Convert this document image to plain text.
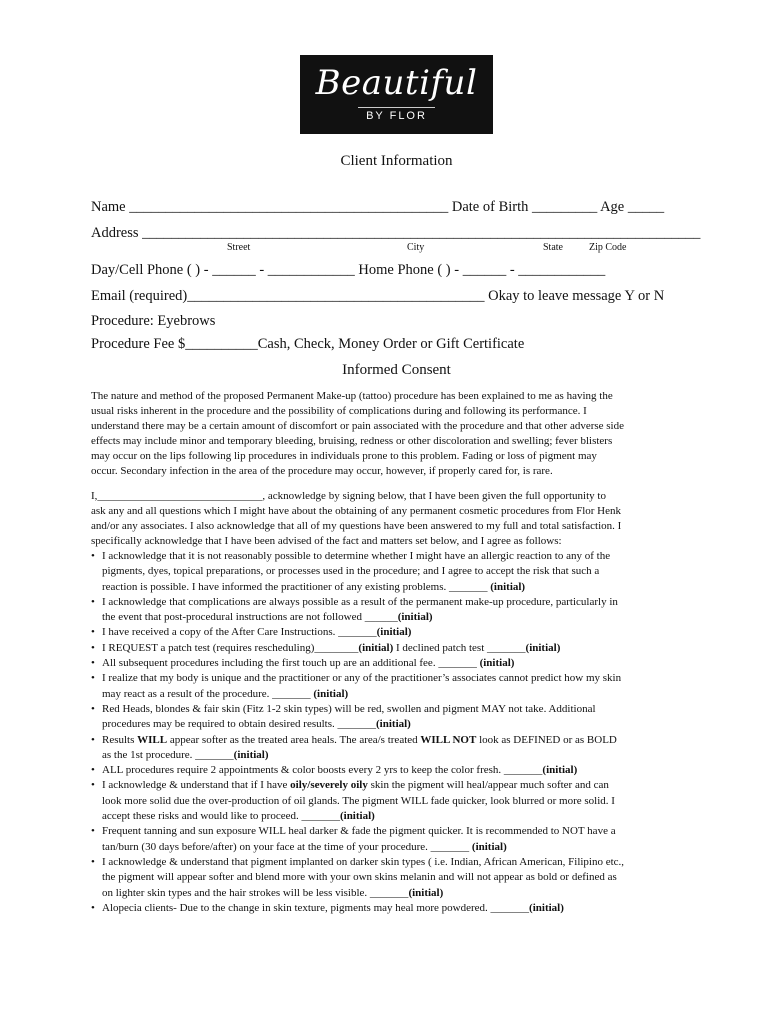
Beautiful
BY FLOR
Client Information
Name ____________________________________________ Date of Birth _________ Age _____
Address _____________________________________________________________________________
Street	City	State	Zip Code
Day/Cell Phone ( ) - ______ - ____________ Home Phone ( ) - ______ - ____________
Email (required)_________________________________________ Okay to leave message Y or N
Procedure: Eyebrows
Procedure Fee $__________Cash, Check, Money Order or Gift Certificate
Informed Consent
The nature and method of the proposed Permanent Make-up (tattoo) procedure has been explained to me as having the
usual risks inherent in the procedure and the possibility of complications during and following its performance. I
understand there may be a certain amount of discomfort or pain associated with the procedure and that other adverse side
effects may include minor and temporary bleeding, bruising, redness or other discoloration and swelling; fever blisters
may occur on the lips following lip procedures in individuals prone to this problem. Fading or loss of pigment may
occur. Secondary infection in the area of the procedure may occur, however, if properly cared for, is rare.
I,______________________________, acknowledge by signing below, that I have been given the full opportunity to
ask any and all questions which I might have about the obtaining of any permanent cosmetic procedures from Flor Henk
and/or any associates. I also acknowledge that all of my questions have been answered to my full and total satisfaction. I
specifically acknowledge that I have been advised of the fact and matters set below, and I agree as follows:
• I acknowledge that it is not reasonably possible to determine whether I might have an allergic reaction to any of the
pigments, dyes, topical preparations, or processes used in the procedure; and I agree to accept the risk that such a
reaction is possible. I have informed the practitioner of any existing problems. _______ (initial)
• I acknowledge that complications are always possible as a result of the permanent make-up procedure, particularly in
the event that post-procedural instructions are not followed ______(initial)
• I have received a copy of the After Care Instructions. _______(initial)
• I REQUEST a patch test (requires rescheduling)________(initial) I declined patch test _______(initial)
• All subsequent procedures including the first touch up are an additional fee. _______ (initial)
• I realize that my body is unique and the practitioner or any of the practitioner’s associates cannot predict how my skin
may react as a result of the procedure. _______ (initial)
• Red Heads, blondes & fair skin (Fitz 1-2 skin types) will be red, swollen and pigment MAY not take. Additional
procedures may be required to obtain desired results. _______(initial)
• Results WILL appear softer as the treated area heals. The area/s treated WILL NOT look as DEFINED or as BOLD
as the 1st procedure. _______(initial)
• ALL procedures require 2 appointments & color boosts every 2 yrs to keep the color fresh. _______(initial)
• I acknowledge & understand that if I have oily/severely oily skin the pigment will heal/appear much softer and can
look more solid due the over-production of oil glands. The pigment WILL fade quicker, look blurred or more solid. I
accept these risks and would like to proceed. _______(initial)
• Frequent tanning and sun exposure WILL heal darker & fade the pigment quicker. It is recommended to NOT have a
tan/burn (30 days before/after) on your face at the time of your procedure. _______ (initial)
• I acknowledge & understand that pigment implanted on darker skin types ( i.e. Indian, African American, Filipino etc.,
the pigment will appear softer and blend more with your own skins melanin and will not appear as bold or defined as
on lighter skin types and the hair strokes will be less visible. _______(initial)
• Alopecia clients- Due to the change in skin texture, pigments may heal more powdered. _______(initial)
